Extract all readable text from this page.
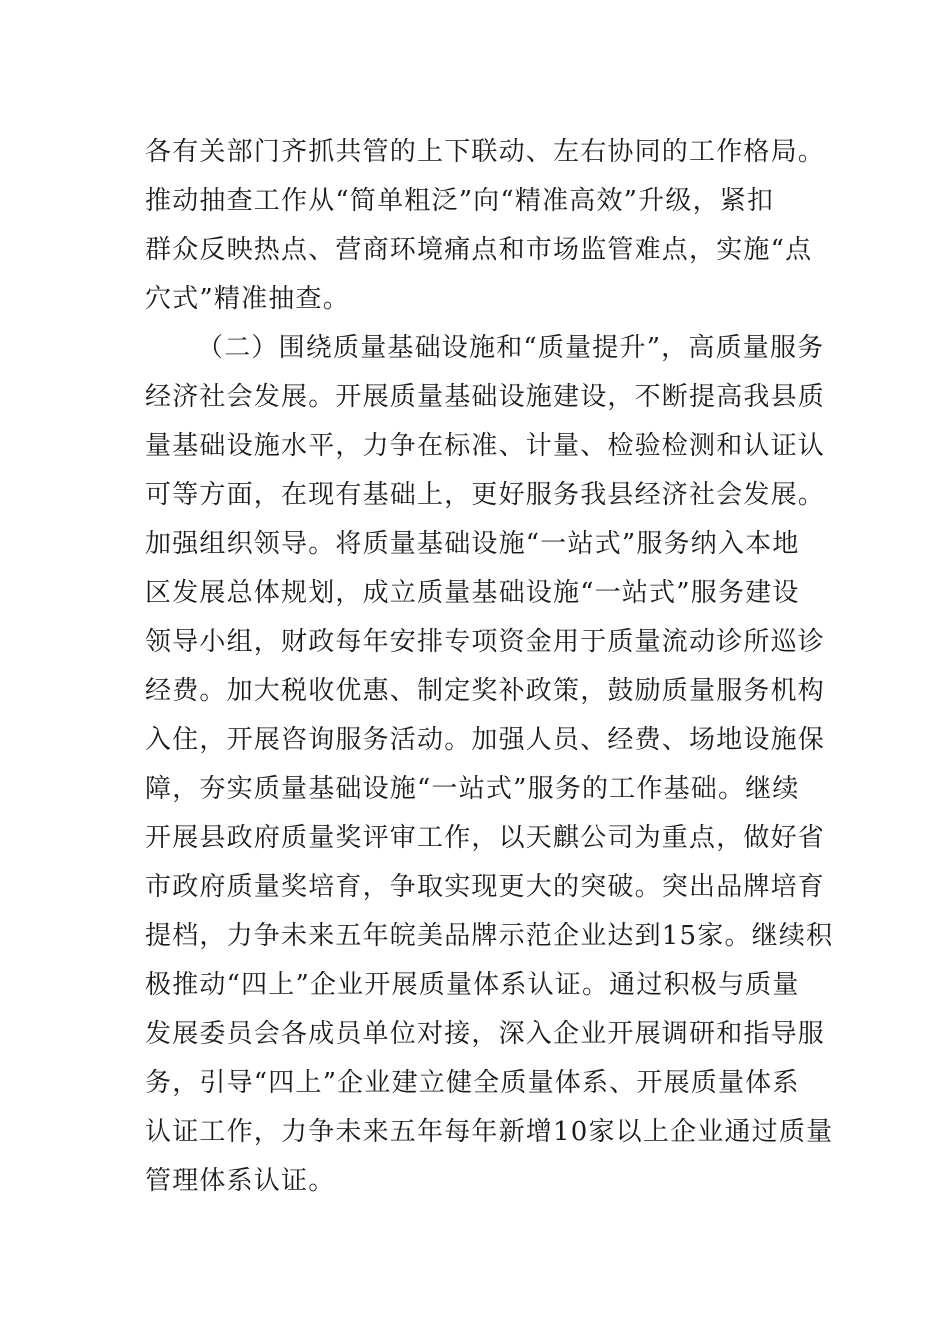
各有关部门齐抓共管的上下联动、左右协同的工作格局。
推动抽查工作从“简单粗泛”向“精准高效”升级，紧扣
群众反映热点、营商环境痛点和市场监管难点，实施“点
穴式”精准抽查。
（二）围绕质量基础设施和“质量提升”，高质量服务
经济社会发展。开展质量基础设施建设，不断提高我县质
量基础设施水平，力争在标准、计量、检验检测和认证认
可等方面，在现有基础上，更好服务我县经济社会发展。
加强组织领导。将质量基础设施“一站式”服务纳入本地
区发展总体规划，成立质量基础设施“一站式”服务建设
领导小组，财政每年安排专项资金用于质量流动诊所巡诊
经费。加大税收优惠、制定奖补政策，鼓励质量服务机构
入住，开展咨询服务活动。加强人员、经费、场地设施保
障，夯实质量基础设施“一站式”服务的工作基础。继续
开展县政府质量奖评审工作，以天麒公司为重点，做好省
市政府质量奖培育，争取实现更大的突破。突出品牌培育
提档，力争未来五年皖美品牌示范企业达到15家。继续积
极推动“四上”企业开展质量体系认证。通过积极与质量
发展委员会各成员单位对接，深入企业开展调研和指导服
务，引导“四上”企业建立健全质量体系、开展质量体系
认证工作，力争未来五年每年新增10家以上企业通过质量
管理体系认证。
